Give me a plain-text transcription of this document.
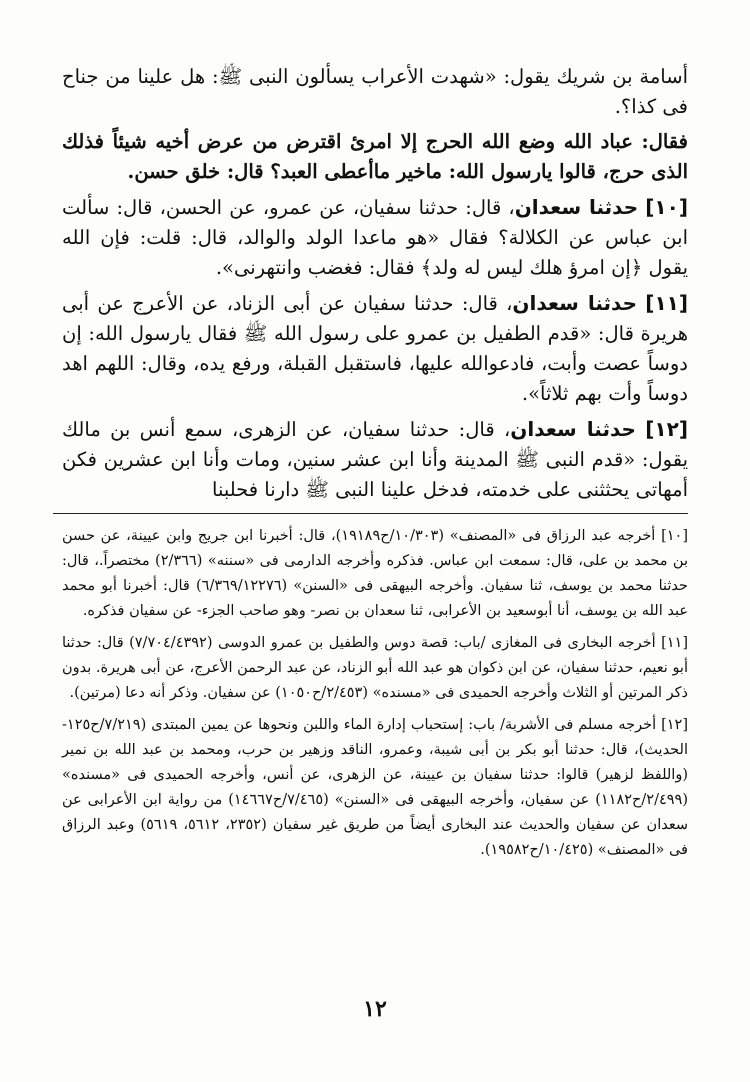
أسامة بن شريك يقول: «شهدت الأعراب يسألون النبى ﷺ: هل علينا من جناح فى كذا؟.

فقال: عباد الله وضع الله الحرج إلا امرئ اقترض من عرض أخيه شيئاً فذلك الذى حرج، قالوا يارسول الله: ماخير ماأعطى العبد؟ قال: خلق حسن.

[١٠] حدثنا سعدان، قال: حدثنا سفيان، عن عمرو، عن الحسن، قال: سألت ابن عباس عن الكلالة؟ فقال «هو ماعدا الولد والوالد، قال: قلت: فإن الله يقول ﴿إن امرؤ هلك ليس له ولد﴾ فقال: فغضب وانتهرنى».

[١١] حدثنا سعدان، قال: حدثنا سفيان عن أبى الزناد، عن الأعرج عن أبى هريرة قال: «قدم الطفيل بن عمرو على رسول الله ﷺ فقال يارسول الله: إن دوساً عصت وأبت، فادعوالله عليها، فاستقبل القبلة، ورفع يده، وقال: اللهم اهد دوساً وأت بهم ثلاثاً».

[١٢] حدثنا سعدان، قال: حدثنا سفيان، عن الزهرى، سمع أنس بن مالك يقول: «قدم النبى ﷺ المدينة وأنا ابن عشر سنين، ومات وأنا ابن عشرين فكن أمهاتى يحثثنى على خدمته، فدخل علينا النبى ﷺ دارنا فحلبنا

[١٠] أخرجه عبد الرزاق فى «المصنف» (١٠/٣٠٣/ح١٩١٨٩)، قال: أخبرنا ابن جريج وابن عيينة، عن حسن بن محمد بن على، قال: سمعت ابن عباس. فذكره وأخرجه الدارمى فى «سننه» (٢/٣٦٦) مختصراً.، قال: حدثنا محمد بن يوسف، ثنا سفيان. وأخرجه البيهقى فى «السنن» (٦/٣٦٩/١٢٢٧٦) قال: أخبرنا أبو محمد عبد الله بن يوسف، أنا أبوسعيد بن الأعرابى، ثنا سعدان بن نصر- وهو صاحب الجزء- عن سفيان فذكره.

[١١] أخرجه البخارى فى المغازى /باب: قصة دوس والطفيل بن عمرو الدوسى (٧/٧٠٤/٤٣٩٢) قال: حدثنا أبو نعيم، حدثنا سفيان، عن ابن ذكوان هو عبد الله أبو الزناد، عن عبد الرحمن الأعرج، عن أبى هريرة. بدون ذكر المرتين أو الثلاث وأخرجه الحميدى فى «مسنده» (٢/٤٥٣/ح١٠٥٠) عن سفيان. وذكر أنه دعا (مرتين).

[١٢] أخرجه مسلم فى الأشربة/ باب: إستحباب إدارة الماء واللبن ونحوها عن يمين المبتدى (٧/٢١٩/ح١٢٥- الحديث)، قال: حدثنا أبو بكر بن أبى شيبة، وعمرو، الناقد وزهير بن حرب، ومحمد بن عبد الله بن نمير (واللفظ لزهير) قالوا: حدثنا سفيان بن عيينة، عن الزهرى، عن أنس، وأخرجه الحميدى فى «مسنده» (٢/٤٩٩/ح١١٨٢) عن سفيان، وأخرجه البيهقى فى «السنن» (٧/٤٦٥/ح١٤٦٦٧) من رواية ابن الأعرابى عن سعدان عن سفيان والحديث عند البخارى أيضاً من طريق غير سفيان (٢٣٥٢، ٥٦١٢، ٥٦١٩) وعبد الرزاق فى «المصنف» (١٠/٤٢٥/ح١٩٥٨٢).

١٢
